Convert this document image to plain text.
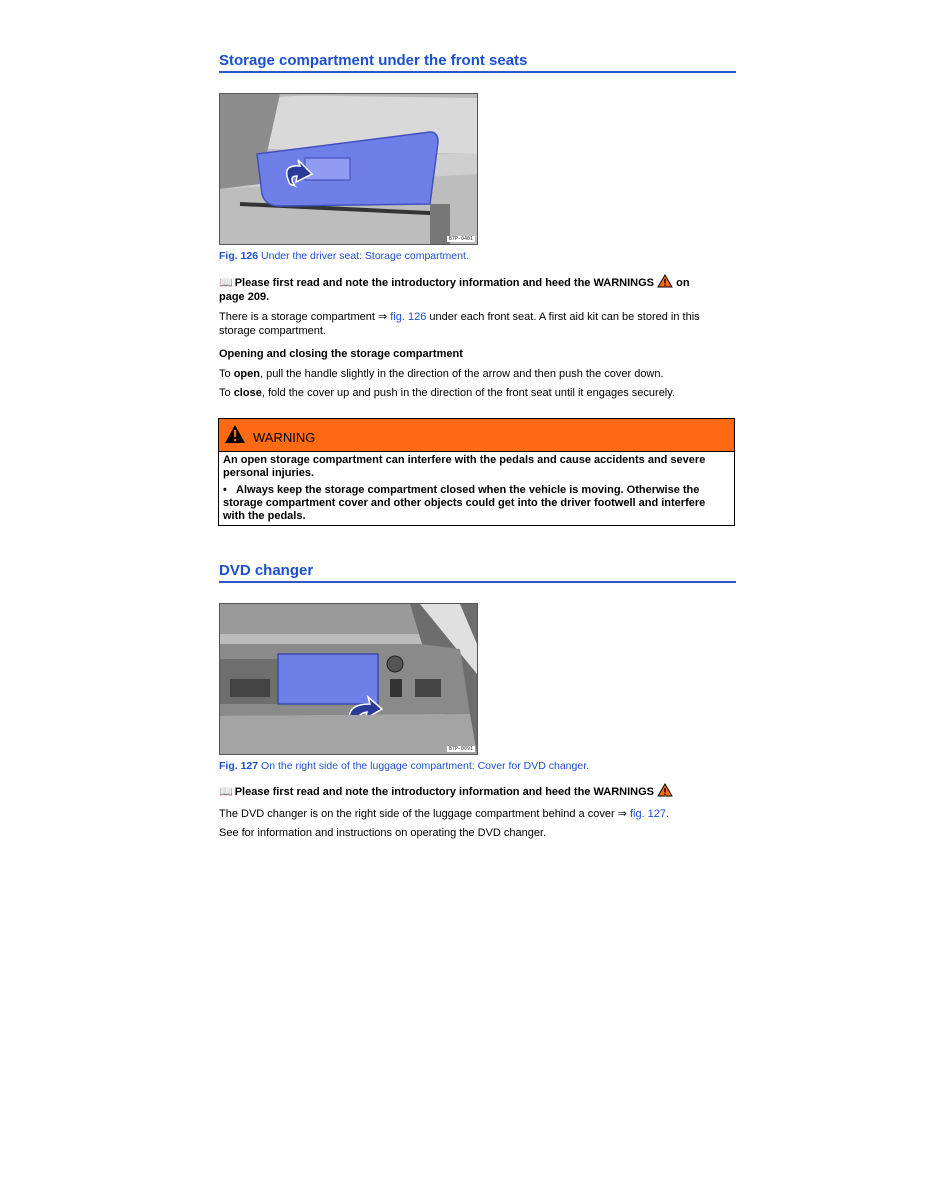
Storage compartment under the front seats
B7P-0401
Fig. 126 Under the driver seat: Storage compartment.
📖 Please first read and note the introductory information and heed the WARNINGS  on
page 209.
There is a storage compartment ⇒ fig. 126 under each front seat. A first aid kit can be stored in this storage compartment.
Opening and closing the storage compartment
To open, pull the handle slightly in the direction of the arrow and then push the cover down.
To close, fold the cover up and push in the direction of the front seat until it engages securely.
WARNING
An open storage compartment can interfere with the pedals and cause accidents and severe personal injuries.
• Always keep the storage compartment closed when the vehicle is moving. Otherwise the storage compartment cover and other objects could get into the driver footwell and interfere with the pedals.
DVD changer
B7P-0091
Fig. 127 On the right side of the luggage compartment: Cover for DVD changer.
📖 Please first read and note the introductory information and heed the WARNINGS
The DVD changer is on the right side of the luggage compartment behind a cover ⇒ fig. 127.
See for information and instructions on operating the DVD changer.
